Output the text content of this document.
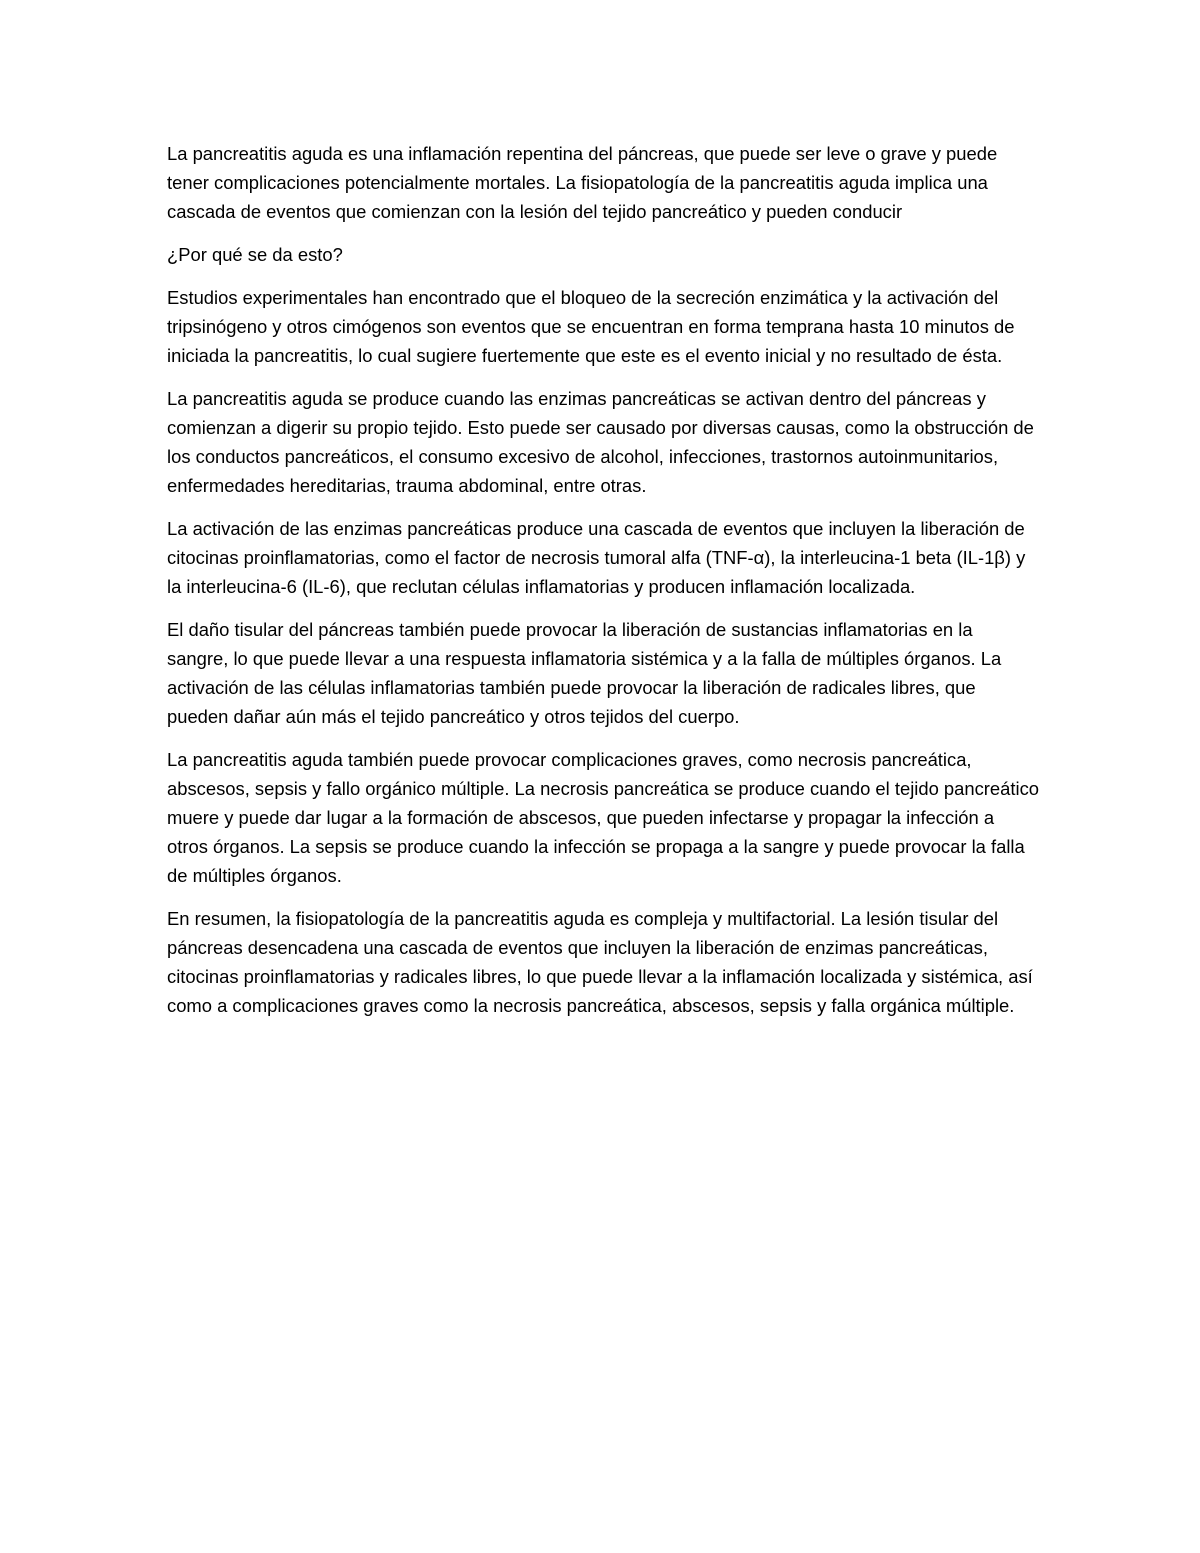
La pancreatitis aguda es una inflamación repentina del páncreas, que puede ser leve o grave y puede tener complicaciones potencialmente mortales. La fisiopatología de la pancreatitis aguda implica una cascada de eventos que comienzan con la lesión del tejido pancreático y pueden conducir

¿Por qué se da esto?

Estudios experimentales han encontrado que el bloqueo de la secreción enzimática y la activación del tripsinógeno y otros cimógenos son eventos que se encuentran en forma temprana hasta 10 minutos de iniciada la pancreatitis, lo cual sugiere fuertemente que este es el evento inicial y no resultado de ésta.

La pancreatitis aguda se produce cuando las enzimas pancreáticas se activan dentro del páncreas y comienzan a digerir su propio tejido. Esto puede ser causado por diversas causas, como la obstrucción de los conductos pancreáticos, el consumo excesivo de alcohol, infecciones, trastornos autoinmunitarios, enfermedades hereditarias, trauma abdominal, entre otras.

La activación de las enzimas pancreáticas produce una cascada de eventos que incluyen la liberación de citocinas proinflamatorias, como el factor de necrosis tumoral alfa (TNF-α), la interleucina-1 beta (IL-1β) y la interleucina-6 (IL-6), que reclutan células inflamatorias y producen inflamación localizada.

El daño tisular del páncreas también puede provocar la liberación de sustancias inflamatorias en la sangre, lo que puede llevar a una respuesta inflamatoria sistémica y a la falla de múltiples órganos. La activación de las células inflamatorias también puede provocar la liberación de radicales libres, que pueden dañar aún más el tejido pancreático y otros tejidos del cuerpo.

La pancreatitis aguda también puede provocar complicaciones graves, como necrosis pancreática, abscesos, sepsis y fallo orgánico múltiple. La necrosis pancreática se produce cuando el tejido pancreático muere y puede dar lugar a la formación de abscesos, que pueden infectarse y propagar la infección a otros órganos. La sepsis se produce cuando la infección se propaga a la sangre y puede provocar la falla de múltiples órganos.

En resumen, la fisiopatología de la pancreatitis aguda es compleja y multifactorial. La lesión tisular del páncreas desencadena una cascada de eventos que incluyen la liberación de enzimas pancreáticas, citocinas proinflamatorias y radicales libres, lo que puede llevar a la inflamación localizada y sistémica, así como a complicaciones graves como la necrosis pancreática, abscesos, sepsis y falla orgánica múltiple.
